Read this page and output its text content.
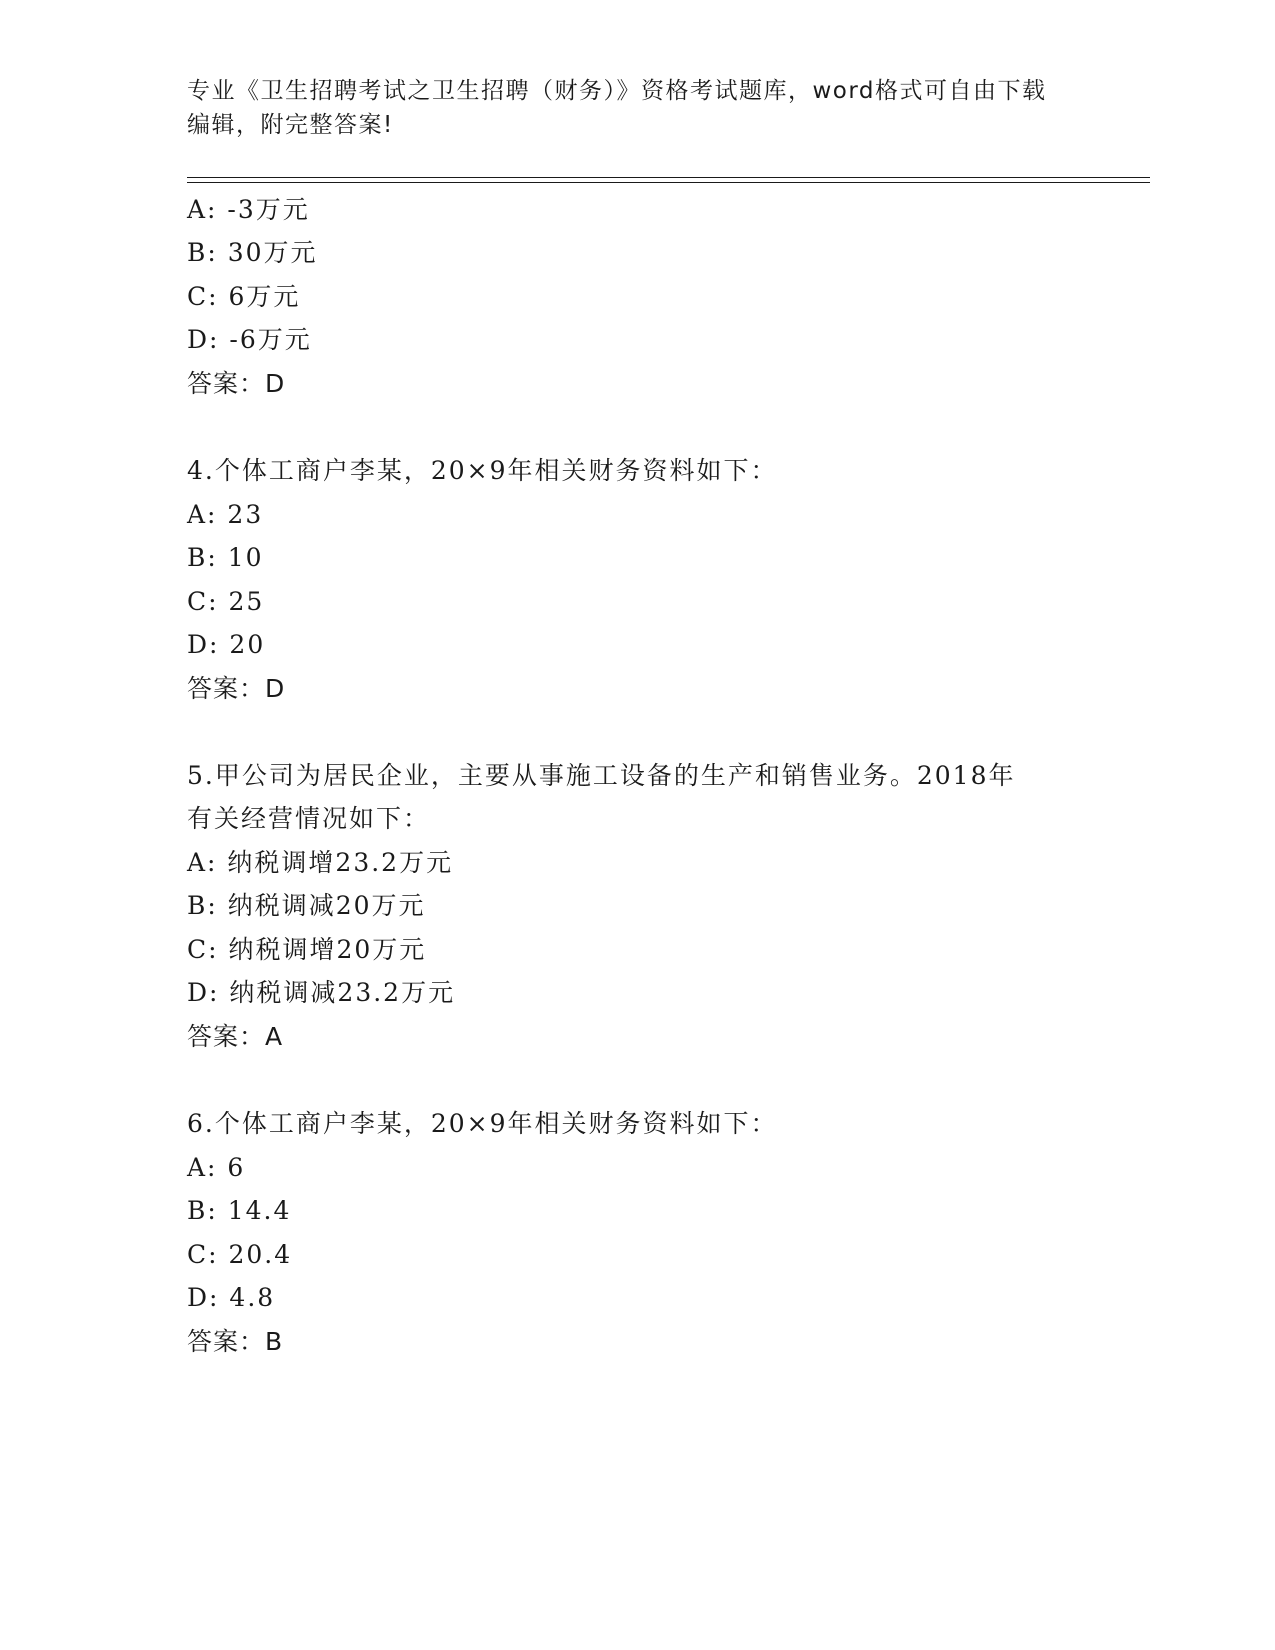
专业《卫生招聘考试之卫生招聘（财务）》资格考试题库，word格式可自由下载
编辑，附完整答案!
A: -3万元
B: 30万元
C: 6万元
D: -6万元
答案：D
4.个体工商户李某，20×9年相关财务资料如下：
A: 23
B: 10
C: 25
D: 20
答案：D
5.甲公司为居民企业，主要从事施工设备的生产和销售业务。2018年
有关经营情况如下：
A: 纳税调增23.2万元
B: 纳税调减20万元
C: 纳税调增20万元
D: 纳税调减23.2万元
答案：A
6.个体工商户李某，20×9年相关财务资料如下：
A: 6
B: 14.4
C: 20.4
D: 4.8
答案：B
